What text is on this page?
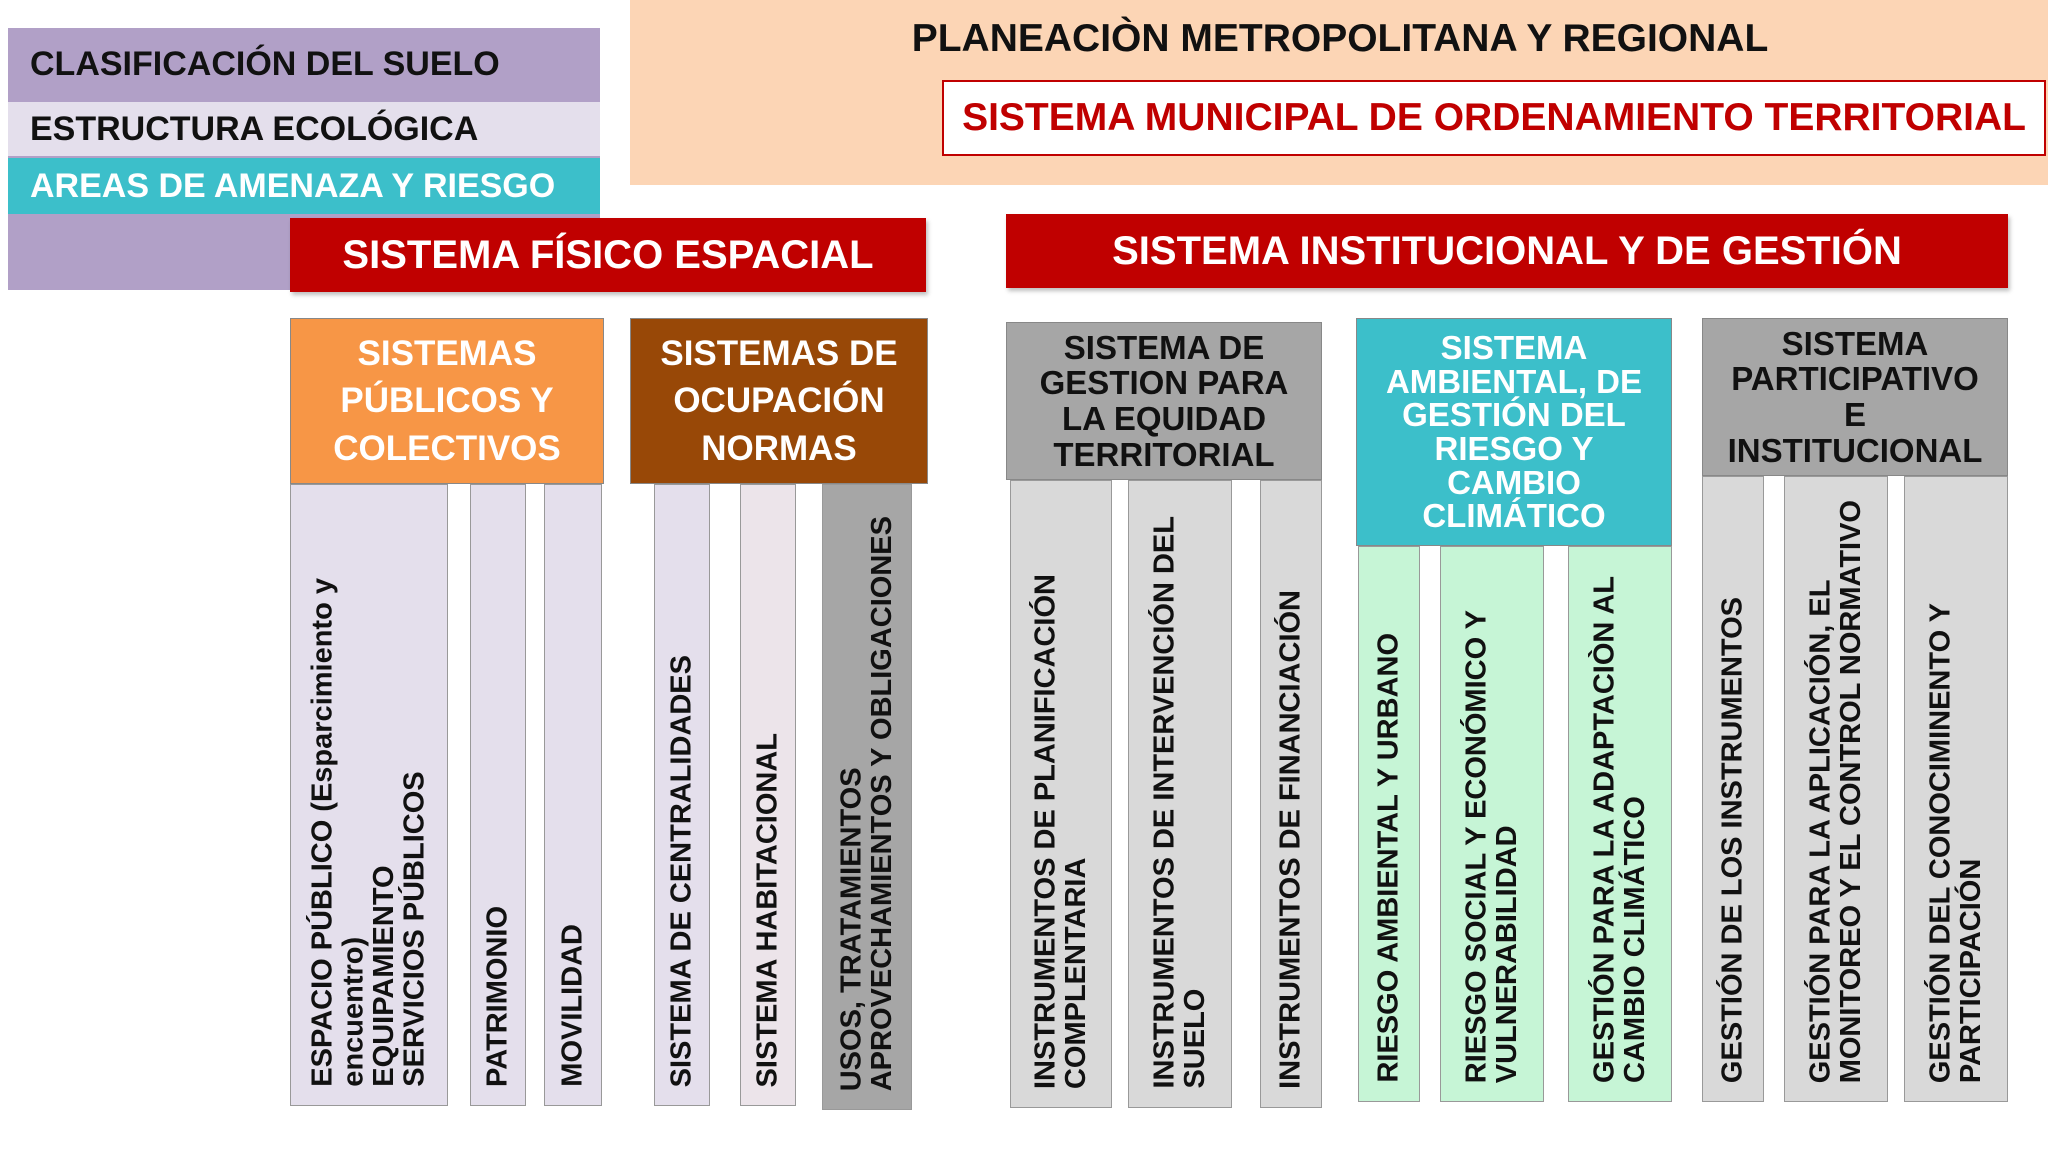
CLASIFICACIÓN DEL SUELO
ESTRUCTURA ECOLÓGICA
AREAS DE AMENAZA Y RIESGO
PLANEACIÒN METROPOLITANA Y REGIONAL
SISTEMA MUNICIPAL DE ORDENAMIENTO TERRITORIAL
SISTEMA FÍSICO ESPACIAL	SISTEMA INSTITUCIONAL Y DE GESTIÓN
SISTEMAS
PÚBLICOS Y
COLECTIVOS
ESPACIO PÚBLICO (Esparcimiento y
encuentro)
EQUIPAMIENTO
SERVICIOS PÚBLICOS
PATRIMONIO MOVILIDAD
SISTEMAS DE
OCUPACIÓN
NORMAS
SISTEMA DE CENTRALIDADES SISTEMA HABITACIONAL USOS, TRATAMIENTOS
APROVECHAMIENTOS Y OBLIGACIONES
SISTEMA DE
GESTION PARA
LA EQUIDAD
TERRITORIAL
INSTRUMENTOS DE PLANIFICACIÓN
COMPLENTARIA INSTRUMENTOS DE INTERVENCIÓN DEL
SUELO INSTRUMENTOS DE FINANCIACIÓN
SISTEMA
AMBIENTAL, DE
GESTIÓN DEL
RIESGO Y
CAMBIO
CLIMÁTICO
RIESGO AMBIENTAL Y URBANO RIESGO SOCIAL Y ECONÓMICO Y
VULNERABILIDAD GESTIÓN PARA LA ADAPTACIÒN AL
CAMBIO CLIMÁTICO
SISTEMA
PARTICIPATIVO
E
INSTITUCIONAL
GESTIÓN DE LOS INSTRUMENTOS GESTIÓN PARA LA APLICACIÓN, EL
MONITOREO Y EL CONTROL NORMATIVO
GESTIÓN DEL CONOCIMINENTO Y
PARTICIPACIÓN
